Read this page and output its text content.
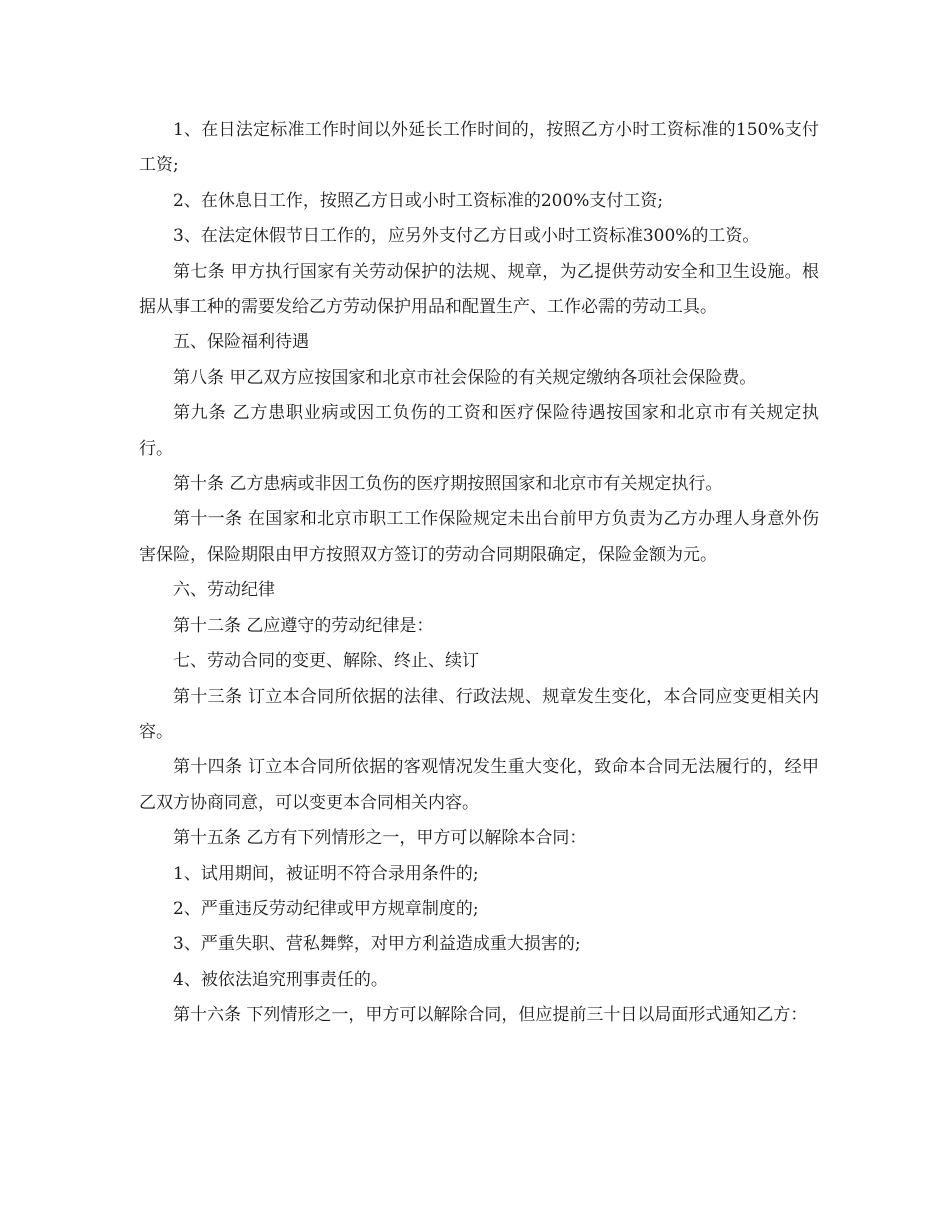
1、在日法定标准工作时间以外延长工作时间的，按照乙方小时工资标准的150%支付工资;

2、在休息日工作，按照乙方日或小时工资标准的200%支付工资;

3、在法定休假节日工作的，应另外支付乙方日或小时工资标准300%的工资。

第七条 甲方执行国家有关劳动保护的法规、规章，为乙提供劳动安全和卫生设施。根据从事工种的需要发给乙方劳动保护用品和配置生产、工作必需的劳动工具。

五、保险福利待遇

第八条 甲乙双方应按国家和北京市社会保险的有关规定缴纳各项社会保险费。

第九条 乙方患职业病或因工负伤的工资和医疗保险待遇按国家和北京市有关规定执行。

第十条 乙方患病或非因工负伤的医疗期按照国家和北京市有关规定执行。

第十一条 在国家和北京市职工工作保险规定未出台前甲方负责为乙方办理人身意外伤害保险，保险期限由甲方按照双方签订的劳动合同期限确定，保险金额为元。

六、劳动纪律

第十二条 乙应遵守的劳动纪律是：

七、劳动合同的变更、解除、终止、续订

第十三条 订立本合同所依据的法律、行政法规、规章发生变化，本合同应变更相关内容。

第十四条 订立本合同所依据的客观情况发生重大变化，致命本合同无法履行的，经甲乙双方协商同意，可以变更本合同相关内容。

第十五条 乙方有下列情形之一，甲方可以解除本合同：

1、试用期间，被证明不符合录用条件的;

2、严重违反劳动纪律或甲方规章制度的;

3、严重失职、营私舞弊，对甲方利益造成重大损害的;

4、被依法追究刑事责任的。

第十六条 下列情形之一，甲方可以解除合同，但应提前三十日以局面形式通知乙方：
